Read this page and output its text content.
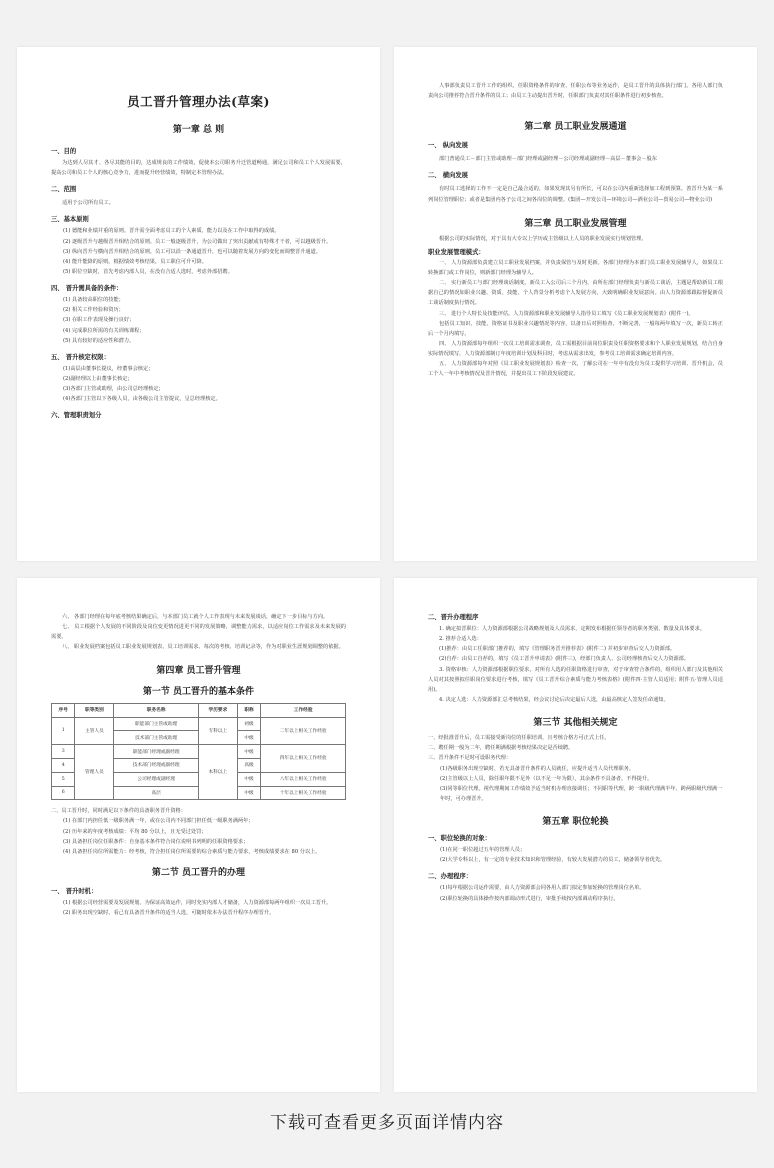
员工晋升管理办法(草案)
第一章 总 则
一、目的

为达到人尽其才、各尽其能的目的，达成规良的工作绩效，促使本公司职务升迁管道畅通，满足公司和员工个人发展需要，提高公司和员工个人的核心竞争力，进而提升经营绩效，特制定本管理办法。

二、范围

适用于公司所有员工。

三、基本原则

(1) 德能和业绩并重的原则。晋升需全面考虑员工的个人素质、能力以及在工作中取得的成绩。

(2) 逐级晋升与越级晋升相结合的原则。员工一般逐级晋升，为公司做出了突出贡献或有特殊才干者，可以越级晋升。

(3) 纵向晋升与横向晋升相结合的原则。员工可以沿一条通道晋升，也可以随着发展方向的变化而调整晋升通道。

(4) 能升能降的原则。根据绩效考核结果，员工职位可升可降。

(5) 职位空缺时，首先考虑内部人员，在没有合适人选时，考虑外部招聘。

四、 晋升需具备的条件：

(1) 具备较高职位的技能；

(2) 相关工作经验和资历；

(3) 在职工作表现及操行良好；

(4) 完成职位所需的有关训练课程；

(5) 具有较好的适应性和潜力。

五、 晋升核定权限：

(1)高层由董事长提议，经董事会核定；

(2)副经理以上由董事长核定；

(3)各部门主管或助理，由公司总经理核定；

(4)各部门主管以下各级人员，由各级公司主管提议，呈总经理核定。

六、管理职责划分

人事部负责员工晋升工作的组织、任职资格条件的审查、任职公布等业务运作，是员工晋升的具体执行部门。各用人部门负责向公司推荐符合晋升条件的员工；由员工主动提出晋升时，任职部门负责对其任职条件进行初步核查。

第二章 员工职业发展通道
一、 纵向发展

部门普通员工－部门主管或助理－部门经理或副经理－公司经理或副经理－高层－董事会－股东

二、 横向发展

有时员工选择的工作不一定是自己最合适的，如果发现其另有所长，可以在公司内重新选择加工程到预算，善晋升为某一系列岗位管理职位；或者是集团内各子公司之间各岗位的调整。(集团—开发公司—环境公司—酒业公司—贸易公司—物业公司)

第三章 员工职业发展管理

根据公司的实际情况，对于具有大专以上学历或主管级以上人员的职业发展实行规划管理。

职业发展管理模式：

一、 人力资源部负责建立员工职业发展档案，并负责保管与及时更新。各部门经理为本部门员工职业发展辅导人，如果员工转换部门或工作岗位，则新部门经理为辅导人。

二、 实行新员工与部门经理谈话制度。新员工入公司后三个月内，由所在部门经理负责与新员工谈话，主题是帮助新员工根据自己的情况如职业兴趣、资质、技能、个人背景分析考虑个人发展方向，大致明确职业发展意向。由人力资源部跟踪督促新员工谈话制度执行情况。

三、 进行个人特长及技能评估。人力资源部和职业发展辅导人指导员工填写《员工职业发展规划表》(附件一)。

包括员工知识、技能、资格证书及职业兴趣情况等内容，以备日后对照检查，不断完善，一般每两年填写一次，新员工转正后一个月内填写。

四、 人力资源部每年组织一次员工培训需求调查，员工需根据目前岗位职责及任职资格要求和个人职业发展规划，结合自身实际情况填写，人力资源部制订年度培训计划及科目时，考虑从需求出发，参考员工培训需求确定培训内容。

五、 人力资源部每年对照《员工职业发展规划表》检查一次，了解公司在一年中有没有为员工提供学习培训、晋升机会，员工个人一年中考核情况及晋升情况，并提出员工下阶段发展建议。

六、 各部门经理在每年底考核结果确定后，与本部门员工就个人工作表现与未来发展谈话，确定下一步目标与方向。

七、 员工根据个人发展的不同阶段及岗位变更情况进更不同的发展策略，调整能力需求，以适应岗位工作需求及未来发展的需要。

八、 职业发展档案包括员工职业发展规划表、员工培训需求、每次的考核、培训记录等，作为对职业生涯规划调整的依据。

第四章 员工晋升管理
第一节 员工晋升的基本条件
序号	职等类别	职务名称	学历要求	职称	工作经验
1	主管人员	职能部门主管或助理	专科以上	初级	二年以上相关工作经验
		技术部门主管或助理		中级	
3	管理人员	职能部门经理或副经理	本科以上	中级	四年以上相关工作经验
4		技术部门经理或副经理		高级	
5		公司经理或副经理		中级	八年以上相关工作经验
6		高层		中级	十年以上相关工作经验

二、员工晋升时，同时满足以下条件的具备职务晋升资格：

(1) 在部门内担任低一级职务满一年，或在公司内不同部门担任低一级职务满两年；

(2) 历年来的年度考核成绩：平均 80 分以上，且无受过处罚；

(3) 具备担任岗位任职条件：自身基本条件符合岗位说明书列明的任职资格要求；

(4) 具备担任岗位所需能力：经考核，符合担任岗位所需要的综合素质与能力要求，考核成绩要求在 80 分以上。

第二节 员工晋升的办理
一、 晋升时机：

(1) 根据公司经营需要及发展规划，为保证高效运作，同时充实内部人才储备，人力资源部每两年组织一次员工晋升。

(2) 职务出现空缺时，看己有具备晋升条件的适当人选，可随时依本办法晋升程序办理晋升。

二、晋升办理程序

1. 确定拟晋职位：人力资源部根据公司战略规划及人员需求，定期发布根据任领导者的职务类别、数量及具体要求。

2. 推荐合适人选：

(1)推荐：由员工任职部门推荐的，填写《管理职务晋升推荐表》(附件二) 并初步审查后交人力资源部。

(2)自荐：由员工自荐的，填写《员工晋升申请表》(附件三)，经部门负责人、公司经理核查后交人力资源部。

3. 资格审核：人力资源部根据职位要求，对所有人选的任职资格进行审查，对于审查符合条件的，组织用人部门及其他相关人员对其按照拟任职岗位要求进行考核，填写《员工晋升综合素质与能力考核表格》(附件四·主管人员适用；附件五·管理人员适用)。

4. 决定人选：人力资源部汇总考核结果，经会议讨论后决定最后人选，由最高核定人签发任命通知。

第三节 其他相关规定

一、经批准晋升后，员工需接受新岗位的任职培训，且考核合格方可正式上任。

二、聘任期一般为二年，聘任期满根据考核结果决定是否续聘。

三、晋升条件不足时可设职务代理：

(1)各级职务出现空缺时，若无具备晋升条件的人员就任，应提升适当人员代理职务。

(2)主管级以上人员，除任职年限不足外（以不足一年为限），其余条件不具备者，不得提升。

(3)同等职位代理。视代理期间工作绩效予适当时机办理直接调任；不同职等代理，跨一职级代理满半年、跨两职级代理满一年时，可办理晋升。

第五章 职位轮换
一、职位轮换的对象：

(1)在同一职位超过五年的管理人员；

(2)大学专科以上，有一定的专业技术知识和管理经验，有较大发展潜力的员工，储备领导者优先。

二、办理程序：

(1)每年根据公司运作需要，由人力资源部会同各用人部门拟定参加轮换的管理岗位名单。

(2)职位轮换的具体操作按内部调动形式进行，审批手续按内部调动程序执行。

下载可查看更多页面详情内容
